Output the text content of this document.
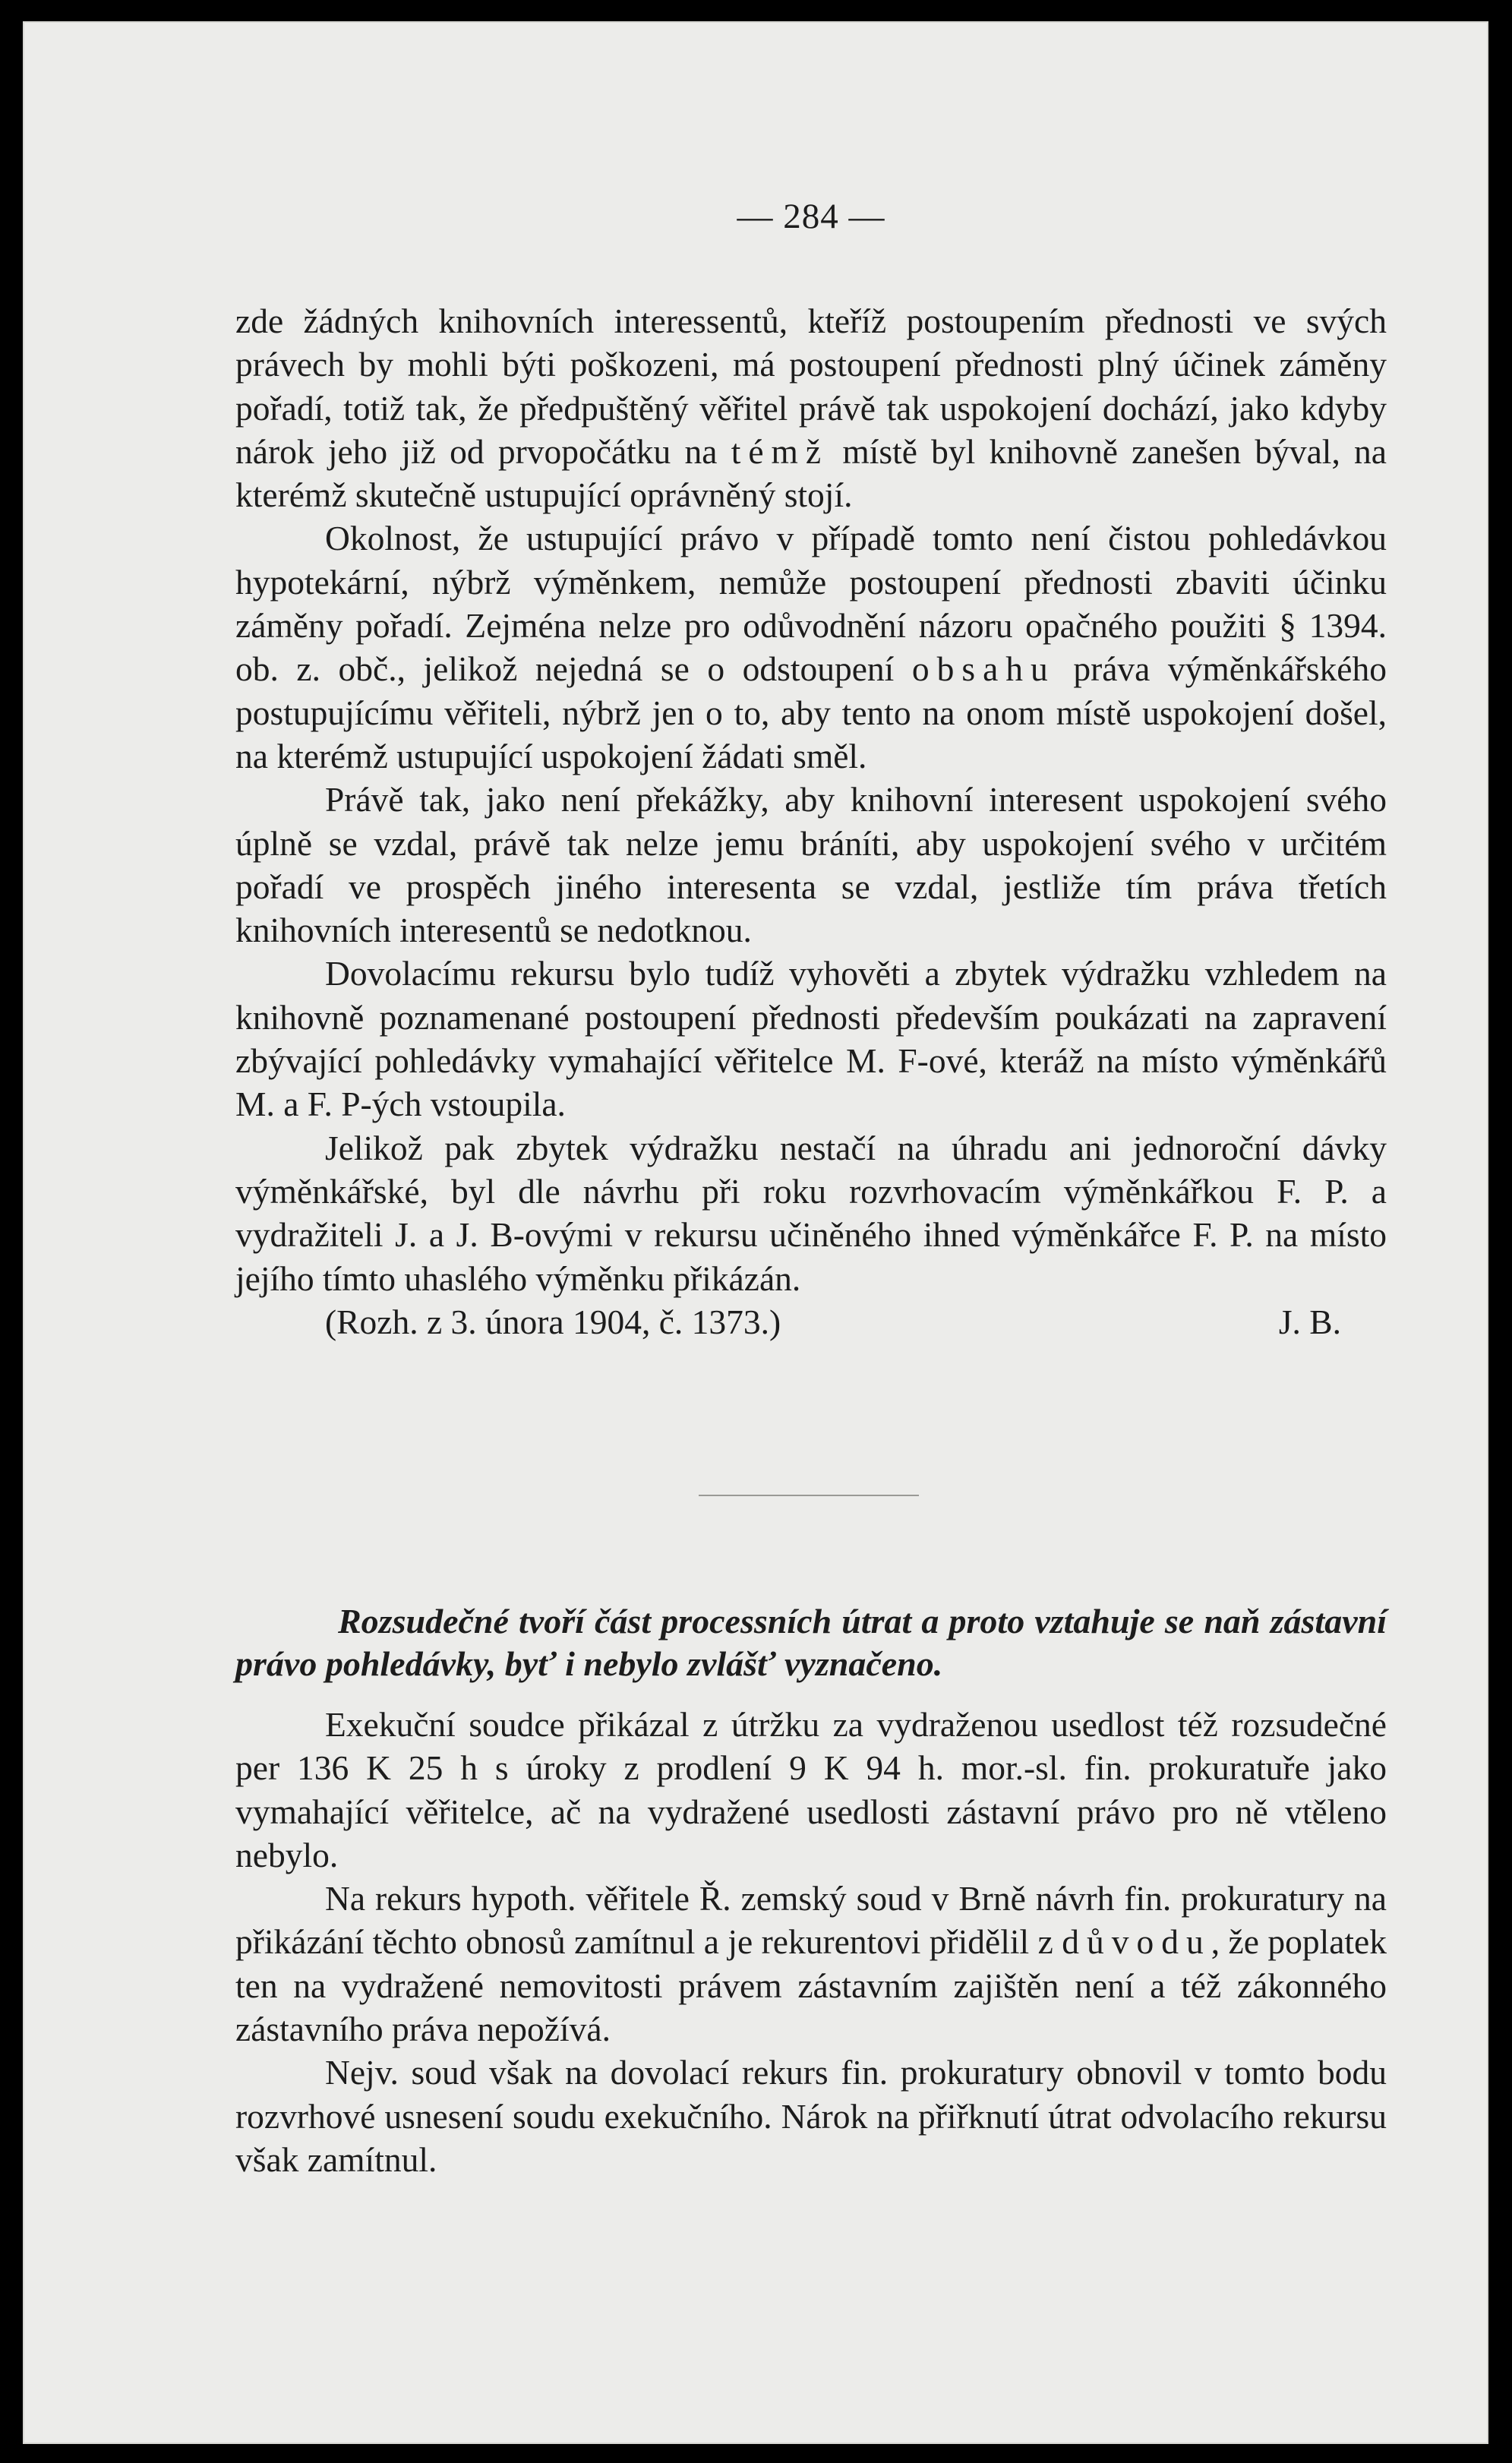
— 284 —

zde žádných knihovních interessentů, kteříž postoupením přednosti ve svých právech by mohli býti poškozeni, má postoupení přednosti plný účinek záměny pořadí, totiž tak, že předpuštěný věřitel právě tak uspokojení dochází, jako kdyby nárok jeho již od prvopočátku na témž místě byl knihovně zanešen býval, na kterémž skutečně ustupující oprávněný stojí.

Okolnost, že ustupující právo v případě tomto není čistou pohledávkou hypotekární, nýbrž výměnkem, nemůže postoupení přednosti zbaviti účinku záměny pořadí. Zejména nelze pro odůvodnění názoru opačného použiti § 1394. ob. z. obč., jelikož nejedná se o odstoupení obsahu práva výměnkářského postupujícímu věřiteli, nýbrž jen o to, aby tento na onom místě uspokojení došel, na kterémž ustupující uspokojení žádati směl.

Právě tak, jako není překážky, aby knihovní interesent uspokojení svého úplně se vzdal, právě tak nelze jemu bráníti, aby uspokojení svého v určitém pořadí ve prospěch jiného interesenta se vzdal, jestliže tím práva třetích knihovních interesentů se nedotknou.

Dovolacímu rekursu bylo tudíž vyhověti a zbytek výdražku vzhledem na knihovně poznamenané postoupení přednosti především poukázati na zapravení zbývající pohledávky vymahající věřitelce M. F-ové, kteráž na místo výměnkářů M. a F. P-ých vstoupila.

Jelikož pak zbytek výdražku nestačí na úhradu ani jednoroční dávky výměnkářské, byl dle návrhu při roku rozvrhovacím výměnkářkou F. P. a vydražiteli J. a J. B-ovými v rekursu učiněného ihned výměnkářce F. P. na místo jejího tímto uhaslého výměnku přikázán.

(Rozh. z 3. února 1904, č. 1373.)	J. B.

Rozsudečné tvoří část processních útrat a proto vztahuje se naň zástavní právo pohledávky, byť i nebylo zvlášť vyznačeno.

Exekuční soudce přikázal z útržku za vydraženou usedlost též rozsudečné per 136 K 25 h s úroky z prodlení 9 K 94 h. mor.-sl. fin. prokuratuře jako vymahající věřitelce, ač na vydražené usedlosti zástavní právo pro ně vtěleno nebylo.

Na rekurs hypoth. věřitele Ř. zemský soud v Brně návrh fin. prokuratury na přikázání těchto obnosů zamítnul a je rekurentovi přidělil z důvodu, že poplatek ten na vydražené nemovitosti právem zástavním zajištěn není a též zákonného zástavního práva nepožívá.

Nejv. soud však na dovolací rekurs fin. prokuratury obnovil v tomto bodu rozvrhové usnesení soudu exekučního. Nárok na přiřknutí útrat odvolacího rekursu však zamítnul.
